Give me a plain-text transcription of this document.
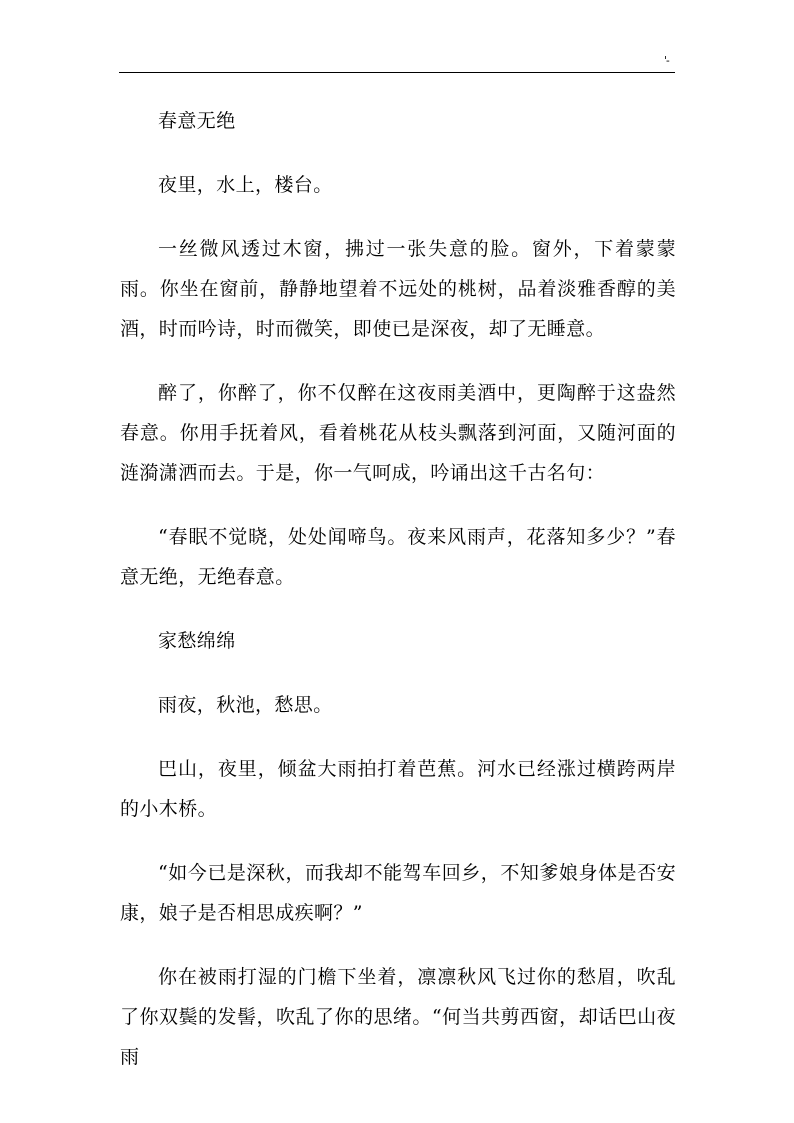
'-

春意无绝

夜里，水上，楼台。

一丝微风透过木窗，拂过一张失意的脸。窗外，下着蒙蒙雨。你坐在窗前，静静地望着不远处的桃树，品着淡雅香醇的美酒，时而吟诗，时而微笑，即使已是深夜，却了无睡意。

醉了，你醉了，你不仅醉在这夜雨美酒中，更陶醉于这盎然春意。你用手抚着风，看着桃花从枝头飘落到河面，又随河面的涟漪潇洒而去。于是，你一气呵成，吟诵出这千古名句：

“春眠不觉晓，处处闻啼鸟。夜来风雨声，花落知多少？”春意无绝，无绝春意。

家愁绵绵

雨夜，秋池，愁思。

巴山，夜里，倾盆大雨拍打着芭蕉。河水已经涨过横跨两岸的小木桥。

“如今已是深秋，而我却不能驾车回乡，不知爹娘身体是否安康，娘子是否相思成疾啊？”

你在被雨打湿的门檐下坐着，凛凛秋风飞过你的愁眉，吹乱了你双鬓的发髻，吹乱了你的思绪。“何当共剪西窗，却话巴山夜雨
